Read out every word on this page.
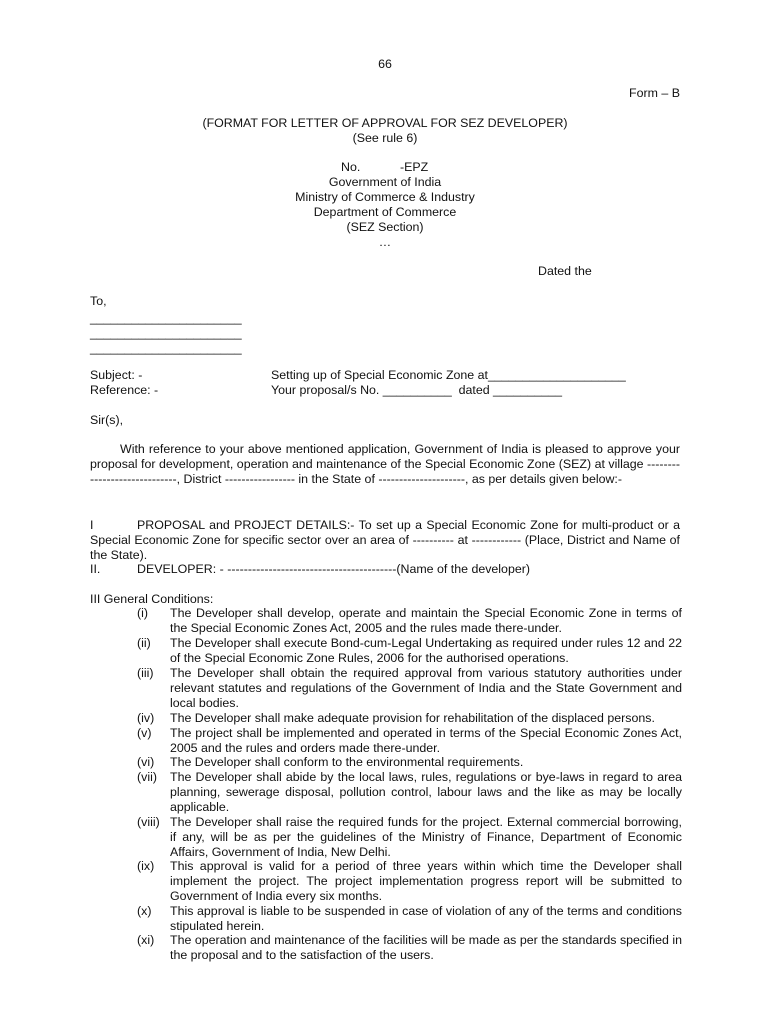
66
Form – B
(FORMAT FOR LETTER OF APPROVAL FOR SEZ DEVELOPER)
(See rule 6)
No.	-EPZ
Government of India
Ministry of Commerce & Industry
Department of Commerce
(SEZ Section)
…
Dated the
To,
______________________
______________________
______________________
Subject: -	Setting up of Special Economic Zone at____________________
Reference: -	Your proposal/s No. __________  dated __________
Sir(s),
With reference to your above mentioned application, Government of India is pleased to approve your proposal for development, operation and maintenance of the Special Economic Zone (SEZ) at village -----------------------------, District ----------------- in the State of ---------------------, as per details given below:-
I	PROPOSAL and PROJECT DETAILS:- To set up a Special Economic Zone for multi-product or a Special Economic Zone for specific sector over an area of ---------- at ------------ (Place, District and Name of the State).
II.	DEVELOPER: - -----------------------------------------(Name of the developer)
III General Conditions:
(i) The Developer shall develop, operate and maintain the Special Economic Zone in terms of the Special Economic Zones Act, 2005 and the rules made there-under.
(ii) The Developer shall execute Bond-cum-Legal Undertaking as required under rules 12 and 22 of the Special Economic Zone Rules, 2006 for the authorised operations.
(iii) The Developer shall obtain the required approval from various statutory authorities under relevant statutes and regulations of the Government of India and the State Government and local bodies.
(iv) The Developer shall make adequate provision for rehabilitation of the displaced persons.
(v) The project shall be implemented and operated in terms of the Special Economic Zones Act, 2005 and the rules and orders made there-under.
(vi) The Developer shall conform to the environmental requirements.
(vii) The Developer shall abide by the local laws, rules, regulations or bye-laws in regard to area planning, sewerage disposal, pollution control, labour laws and the like as may be locally applicable.
(viii) The Developer shall raise the required funds for the project. External commercial borrowing, if any, will be as per the guidelines of the Ministry of Finance, Department of Economic Affairs, Government of India, New Delhi.
(ix) This approval is valid for a period of three years within which time the Developer shall implement the project. The project implementation progress report will be submitted to Government of India every six months.
(x) This approval is liable to be suspended in case of violation of any of the terms and conditions stipulated herein.
(xi) The operation and maintenance of the facilities will be made as per the standards specified in the proposal and to the satisfaction of the users.
